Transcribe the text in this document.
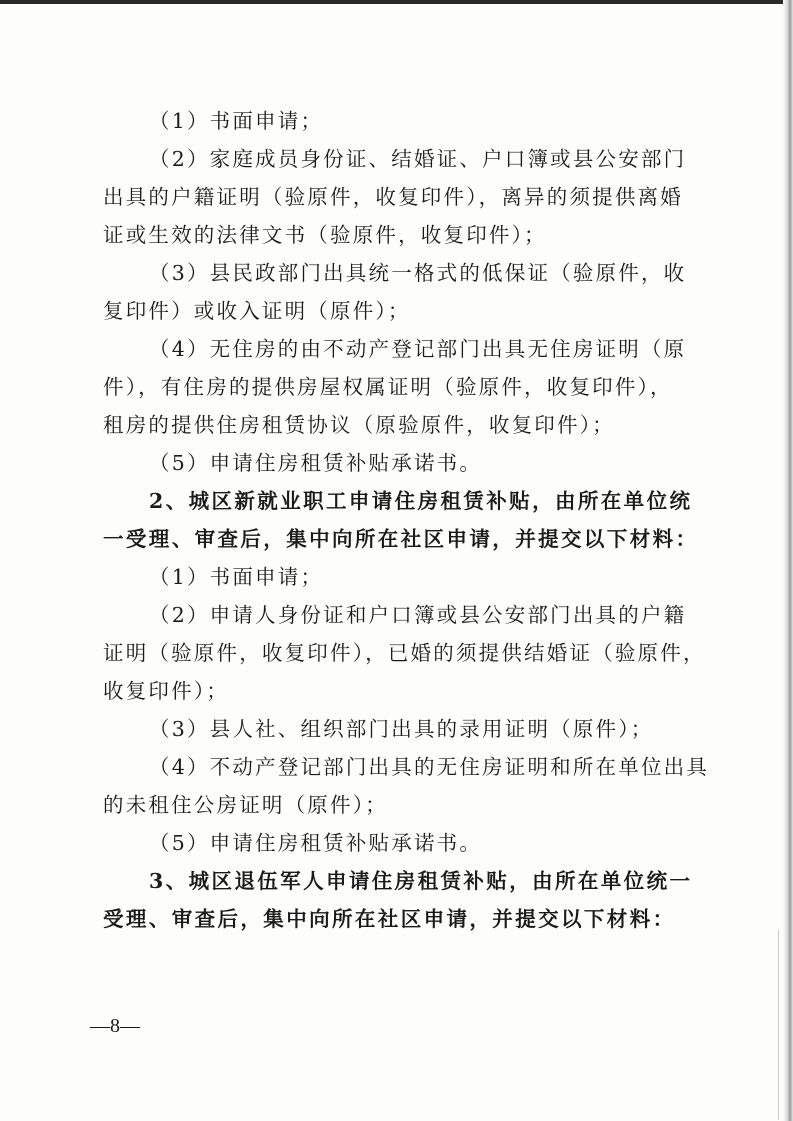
（1）书面申请；
（2）家庭成员身份证、结婚证、户口簿或县公安部门
出具的户籍证明（验原件，收复印件），离异的须提供离婚
证或生效的法律文书（验原件，收复印件）；
（3）县民政部门出具统一格式的低保证（验原件，收
复印件）或收入证明（原件）；
（4）无住房的由不动产登记部门出具无住房证明（原
件），有住房的提供房屋权属证明（验原件，收复印件），
租房的提供住房租赁协议（原验原件，收复印件）；
（5）申请住房租赁补贴承诺书。
2、城区新就业职工申请住房租赁补贴，由所在单位统
一受理、审查后，集中向所在社区申请，并提交以下材料：
（1）书面申请；
（2）申请人身份证和户口簿或县公安部门出具的户籍
证明（验原件，收复印件），已婚的须提供结婚证（验原件，
收复印件）；
（3）县人社、组织部门出具的录用证明（原件）；
（4）不动产登记部门出具的无住房证明和所在单位出具
的未租住公房证明（原件）；
（5）申请住房租赁补贴承诺书。
3、城区退伍军人申请住房租赁补贴，由所在单位统一
受理、审查后，集中向所在社区申请，并提交以下材料：
—8—
